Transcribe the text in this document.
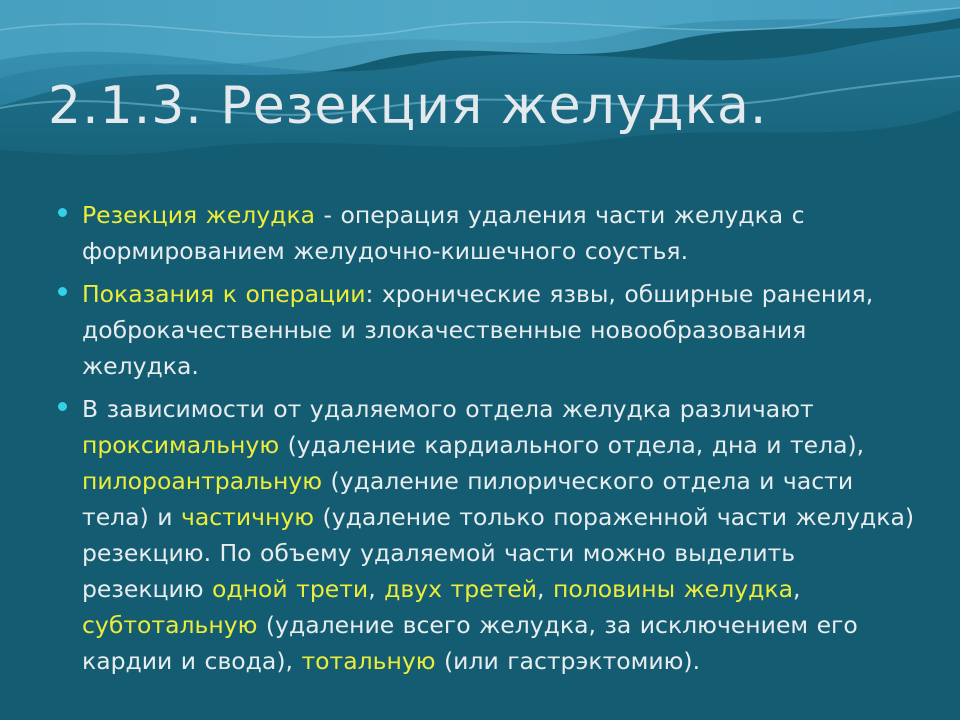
2.1.3. Резекция желудка.
Резекция желудка - операция удаления части желудка с формированием желудочно-кишечного соустья.
Показания к операции: хронические язвы, обширные ранения, доброкачественные и злокачественные новообразования желудка.
В зависимости от удаляемого отдела желудка различают проксимальную (удаление кардиального отдела, дна и тела), пилороантральную (удаление пилорического отдела и части тела) и частичную (удаление только пораженной части желудка) резекцию. По объему удаляемой части можно выделить резекцию одной трети, двух третей, половины желудка, субтотальную (удаление всего желудка, за исключением его кардии и свода), тотальную (или гастрэктомию).
